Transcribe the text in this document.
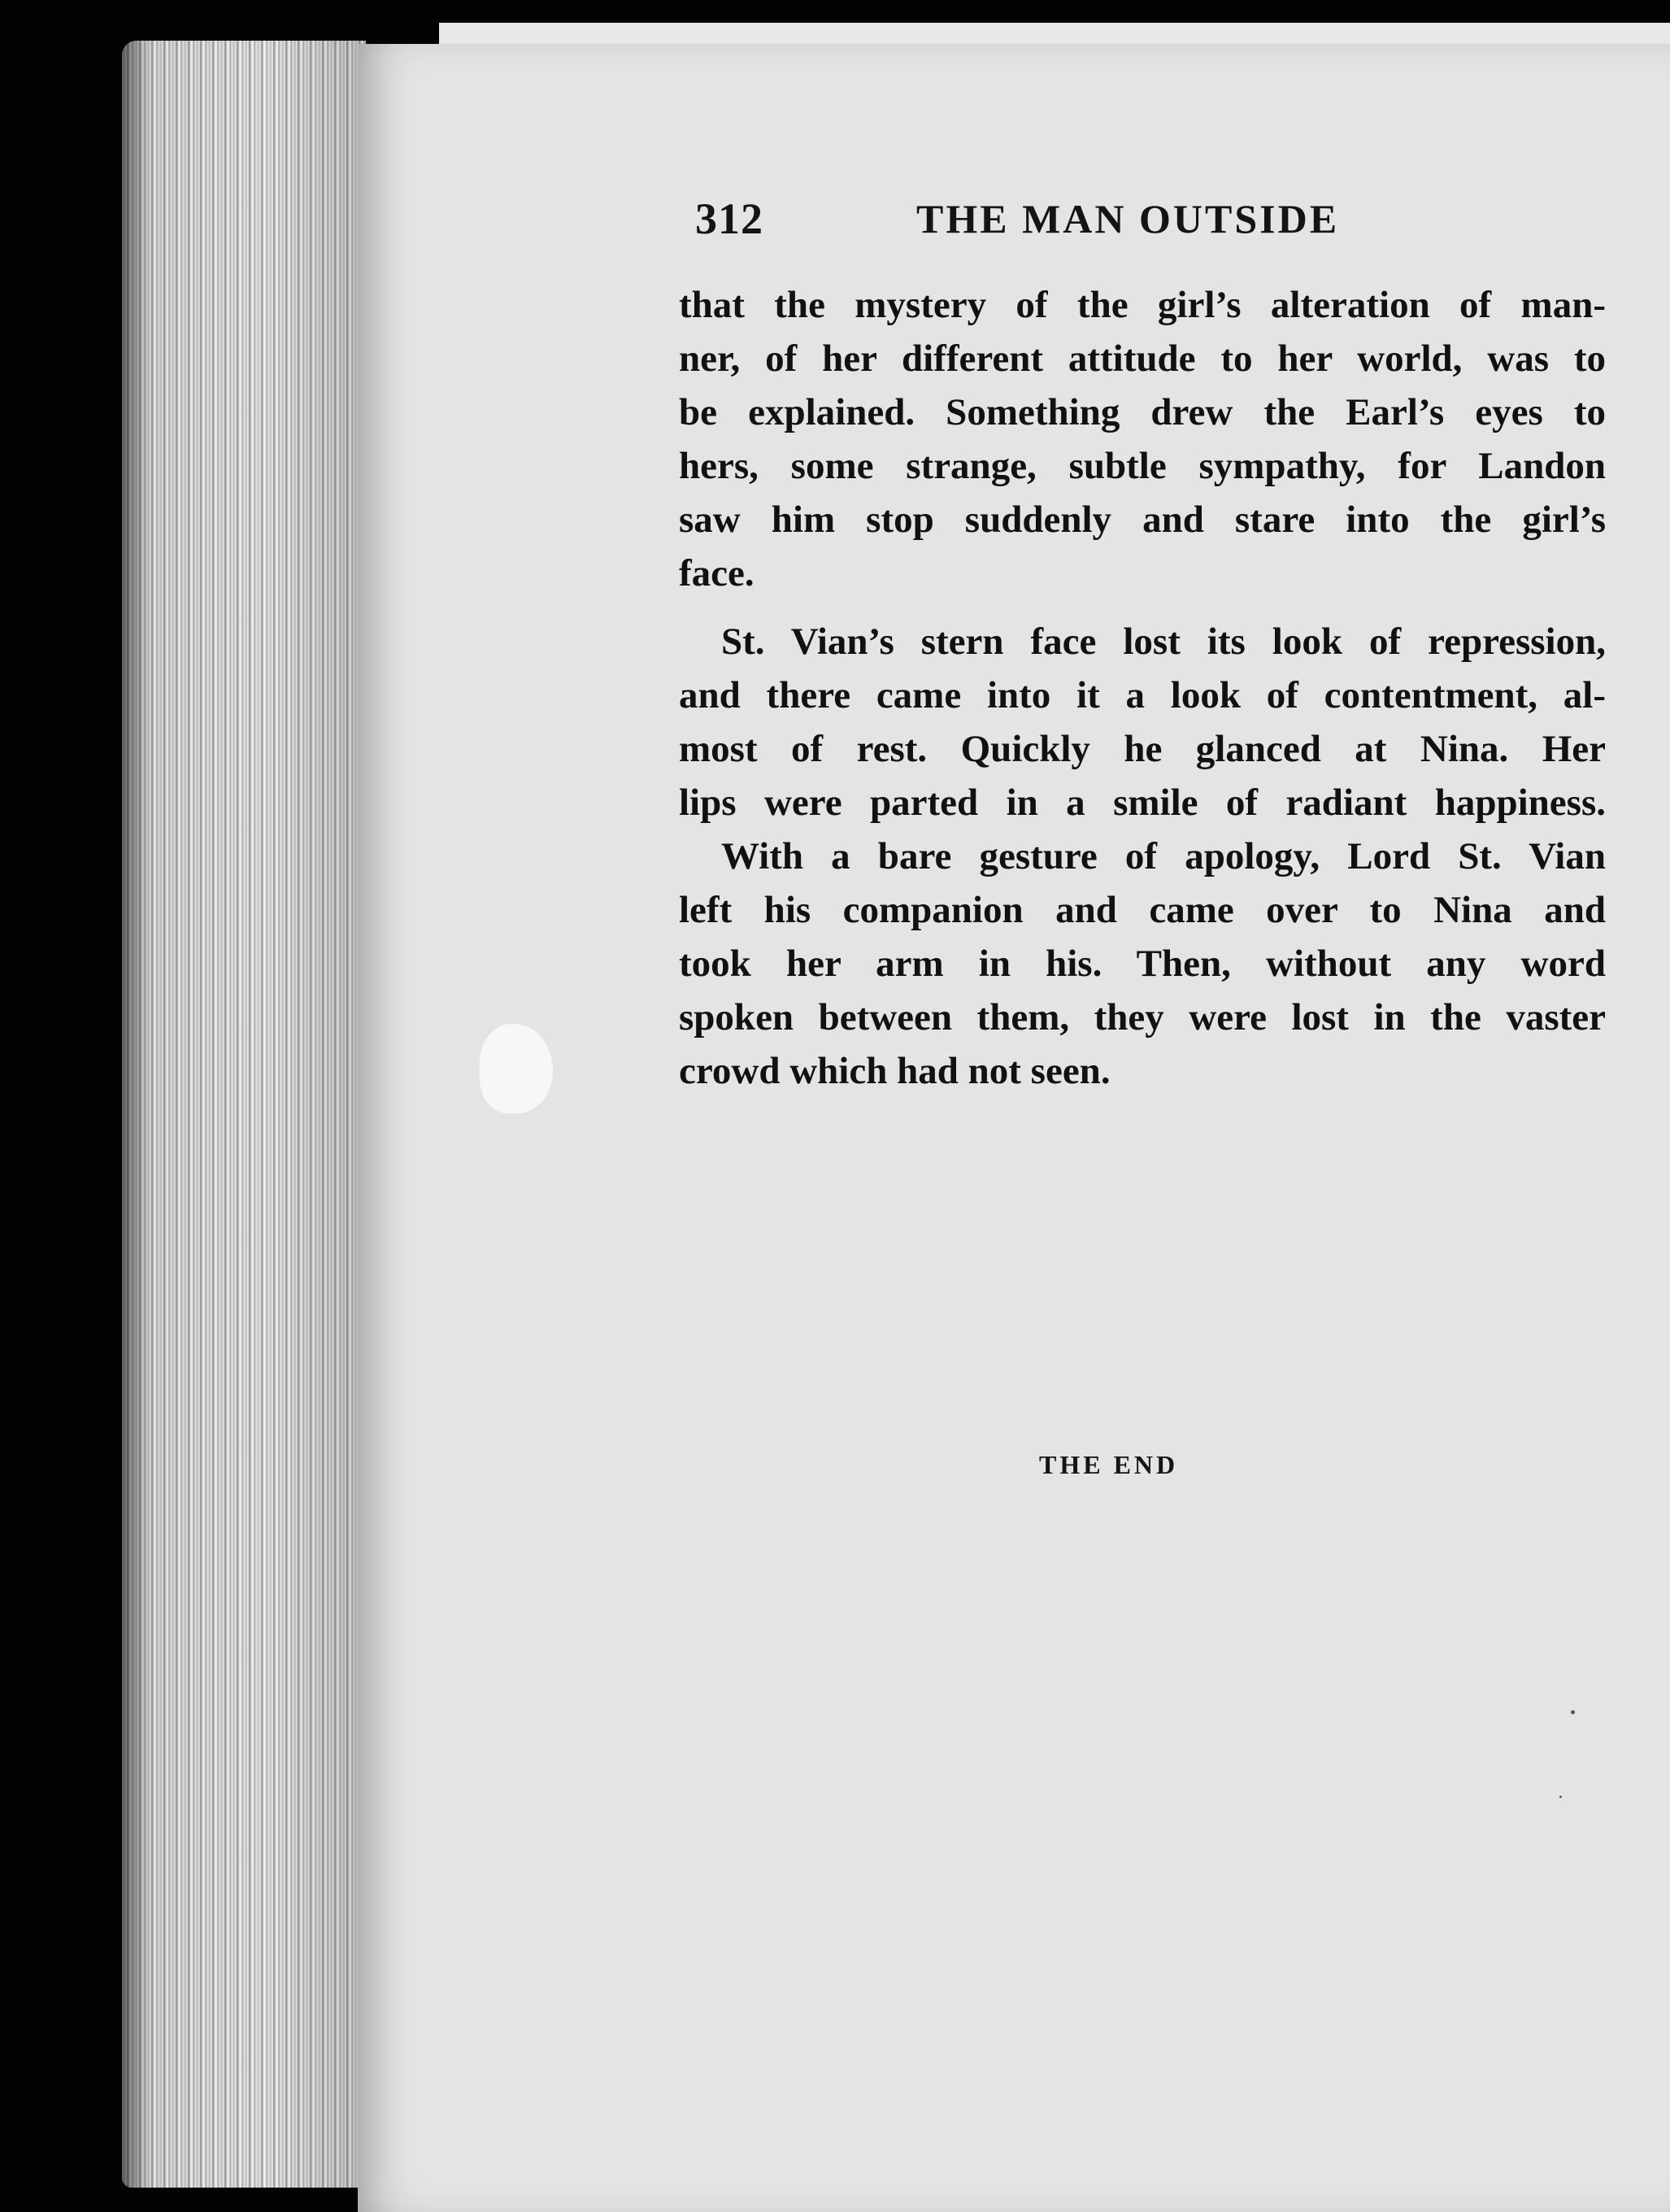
312	THE MAN OUTSIDE
that the mystery of the girl’s alteration of man-
ner, of her different attitude to her world, was to
be explained. Something drew the Earl’s eyes to
hers, some strange, subtle sympathy, for Landon
saw him stop suddenly and stare into the girl’s
face.
St. Vian’s stern face lost its look of repression,
and there came into it a look of contentment, al-
most of rest. Quickly he glanced at Nina. Her
lips were parted in a smile of radiant happiness.
With a bare gesture of apology, Lord St. Vian
left his companion and came over to Nina and
took her arm in his. Then, without any word
spoken between them, they were lost in the vaster
crowd which had not seen.
THE END
